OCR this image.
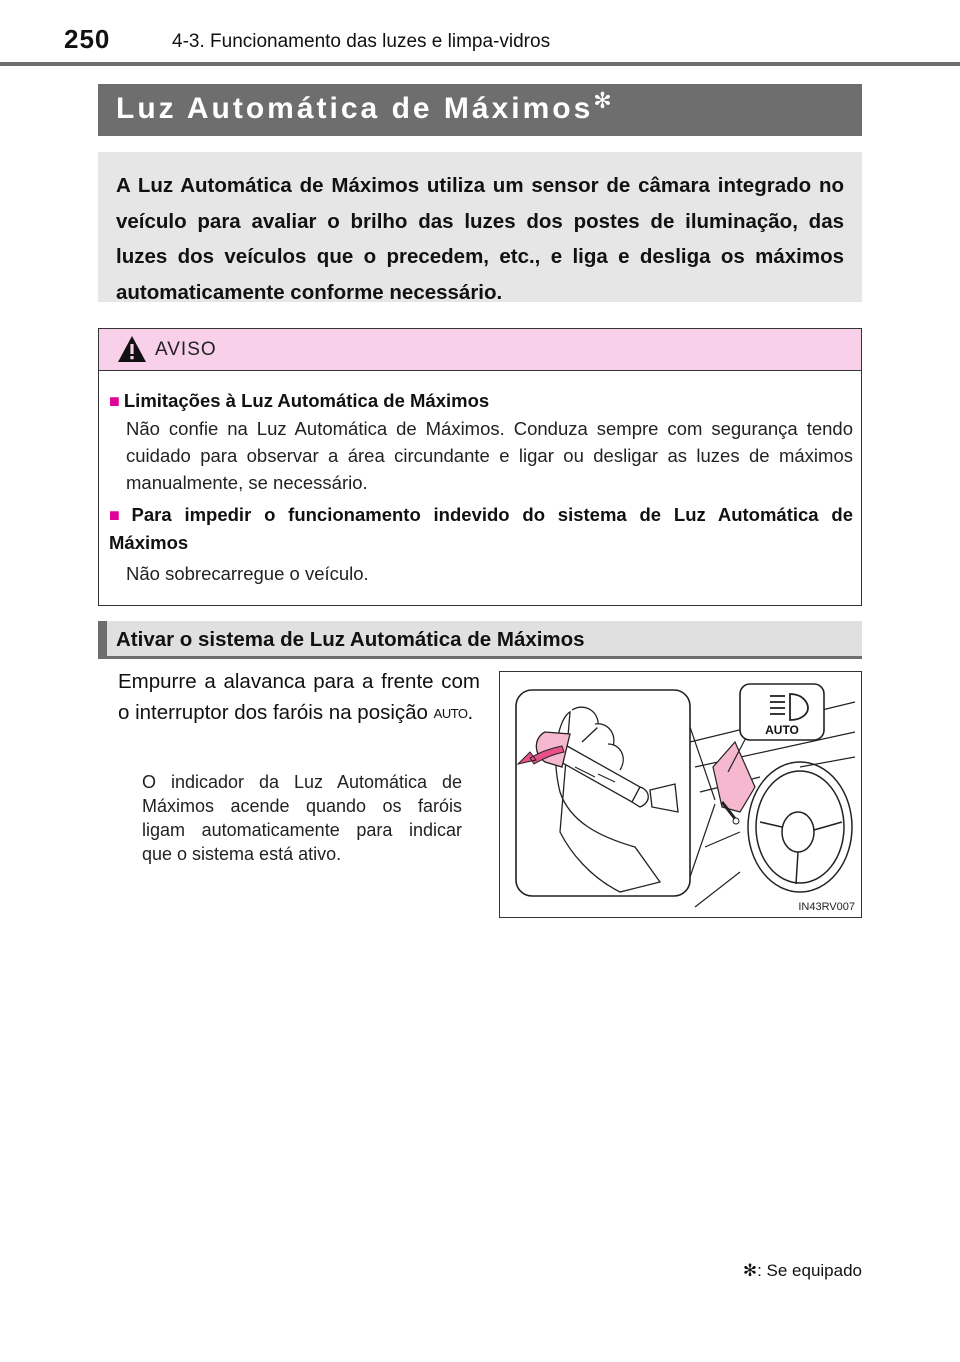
250	4-3. Funcionamento das luzes e limpa-vidros
Luz Automática de Máximos✻
A Luz Automática de Máximos utiliza um sensor de câmara integrado no veículo para avaliar o brilho das luzes dos postes de iluminação, das luzes dos veículos que o precedem, etc., e liga e desliga os máximos automaticamente conforme necessário.
AVISO
■ Limitações à Luz Automática de Máximos
Não confie na Luz Automática de Máximos. Conduza sempre com segurança tendo cuidado para observar a área circundante e ligar ou desligar as luzes de máximos manualmente, se necessário.
■ Para impedir o funcionamento indevido do sistema de Luz Automática de Máximos
Não sobrecarregue o veículo.
Ativar o sistema de Luz Automática de Máximos
Empurre a alavanca para a frente com o interruptor dos faróis na posição AUTO.
O indicador da Luz Automática de Máximos acende quando os faróis ligam automaticamente para indicar que o sistema está ativo.
AUTO
IN43RV007
✻: Se equipado
